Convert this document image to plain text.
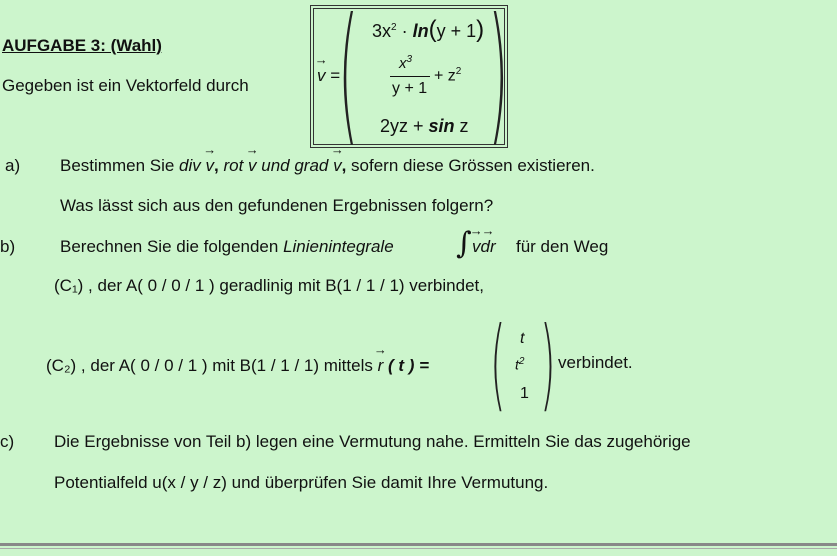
AUFGABE 3: (Wahl)
Gegeben ist ein Vektorfeld durch
→ v =
( )
$3x^2 \cdot \ln(y + 1)$
$x^3$
y + 1
+ $z^2$
2yz + sin z
a) Bestimmen Sie div → v, rot → v und grad → v, sofern diese Grössen existieren.
Was lässt sich aus den gefundenen Ergebnissen folgern?
b)	Berechnen Sie die folgenden Linienintegrale ∫
→ v→ dr für den Weg
(C₁) , der A( 0 / 0 / 1 ) geradlinig mit B(1 / 1 / 1) verbindet,
(C₂) , der A( 0 / 0 / 1 ) mit B(1 / 1 / 1) mittels → r ( t ) = ( )
t
$t^2$
1
verbindet.
c) Die Ergebnisse von Teil b) legen eine Vermutung nahe. Ermitteln Sie das zugehörige
Potentialfeld u(x / y / z) und überprüfen Sie damit Ihre Vermutung.
